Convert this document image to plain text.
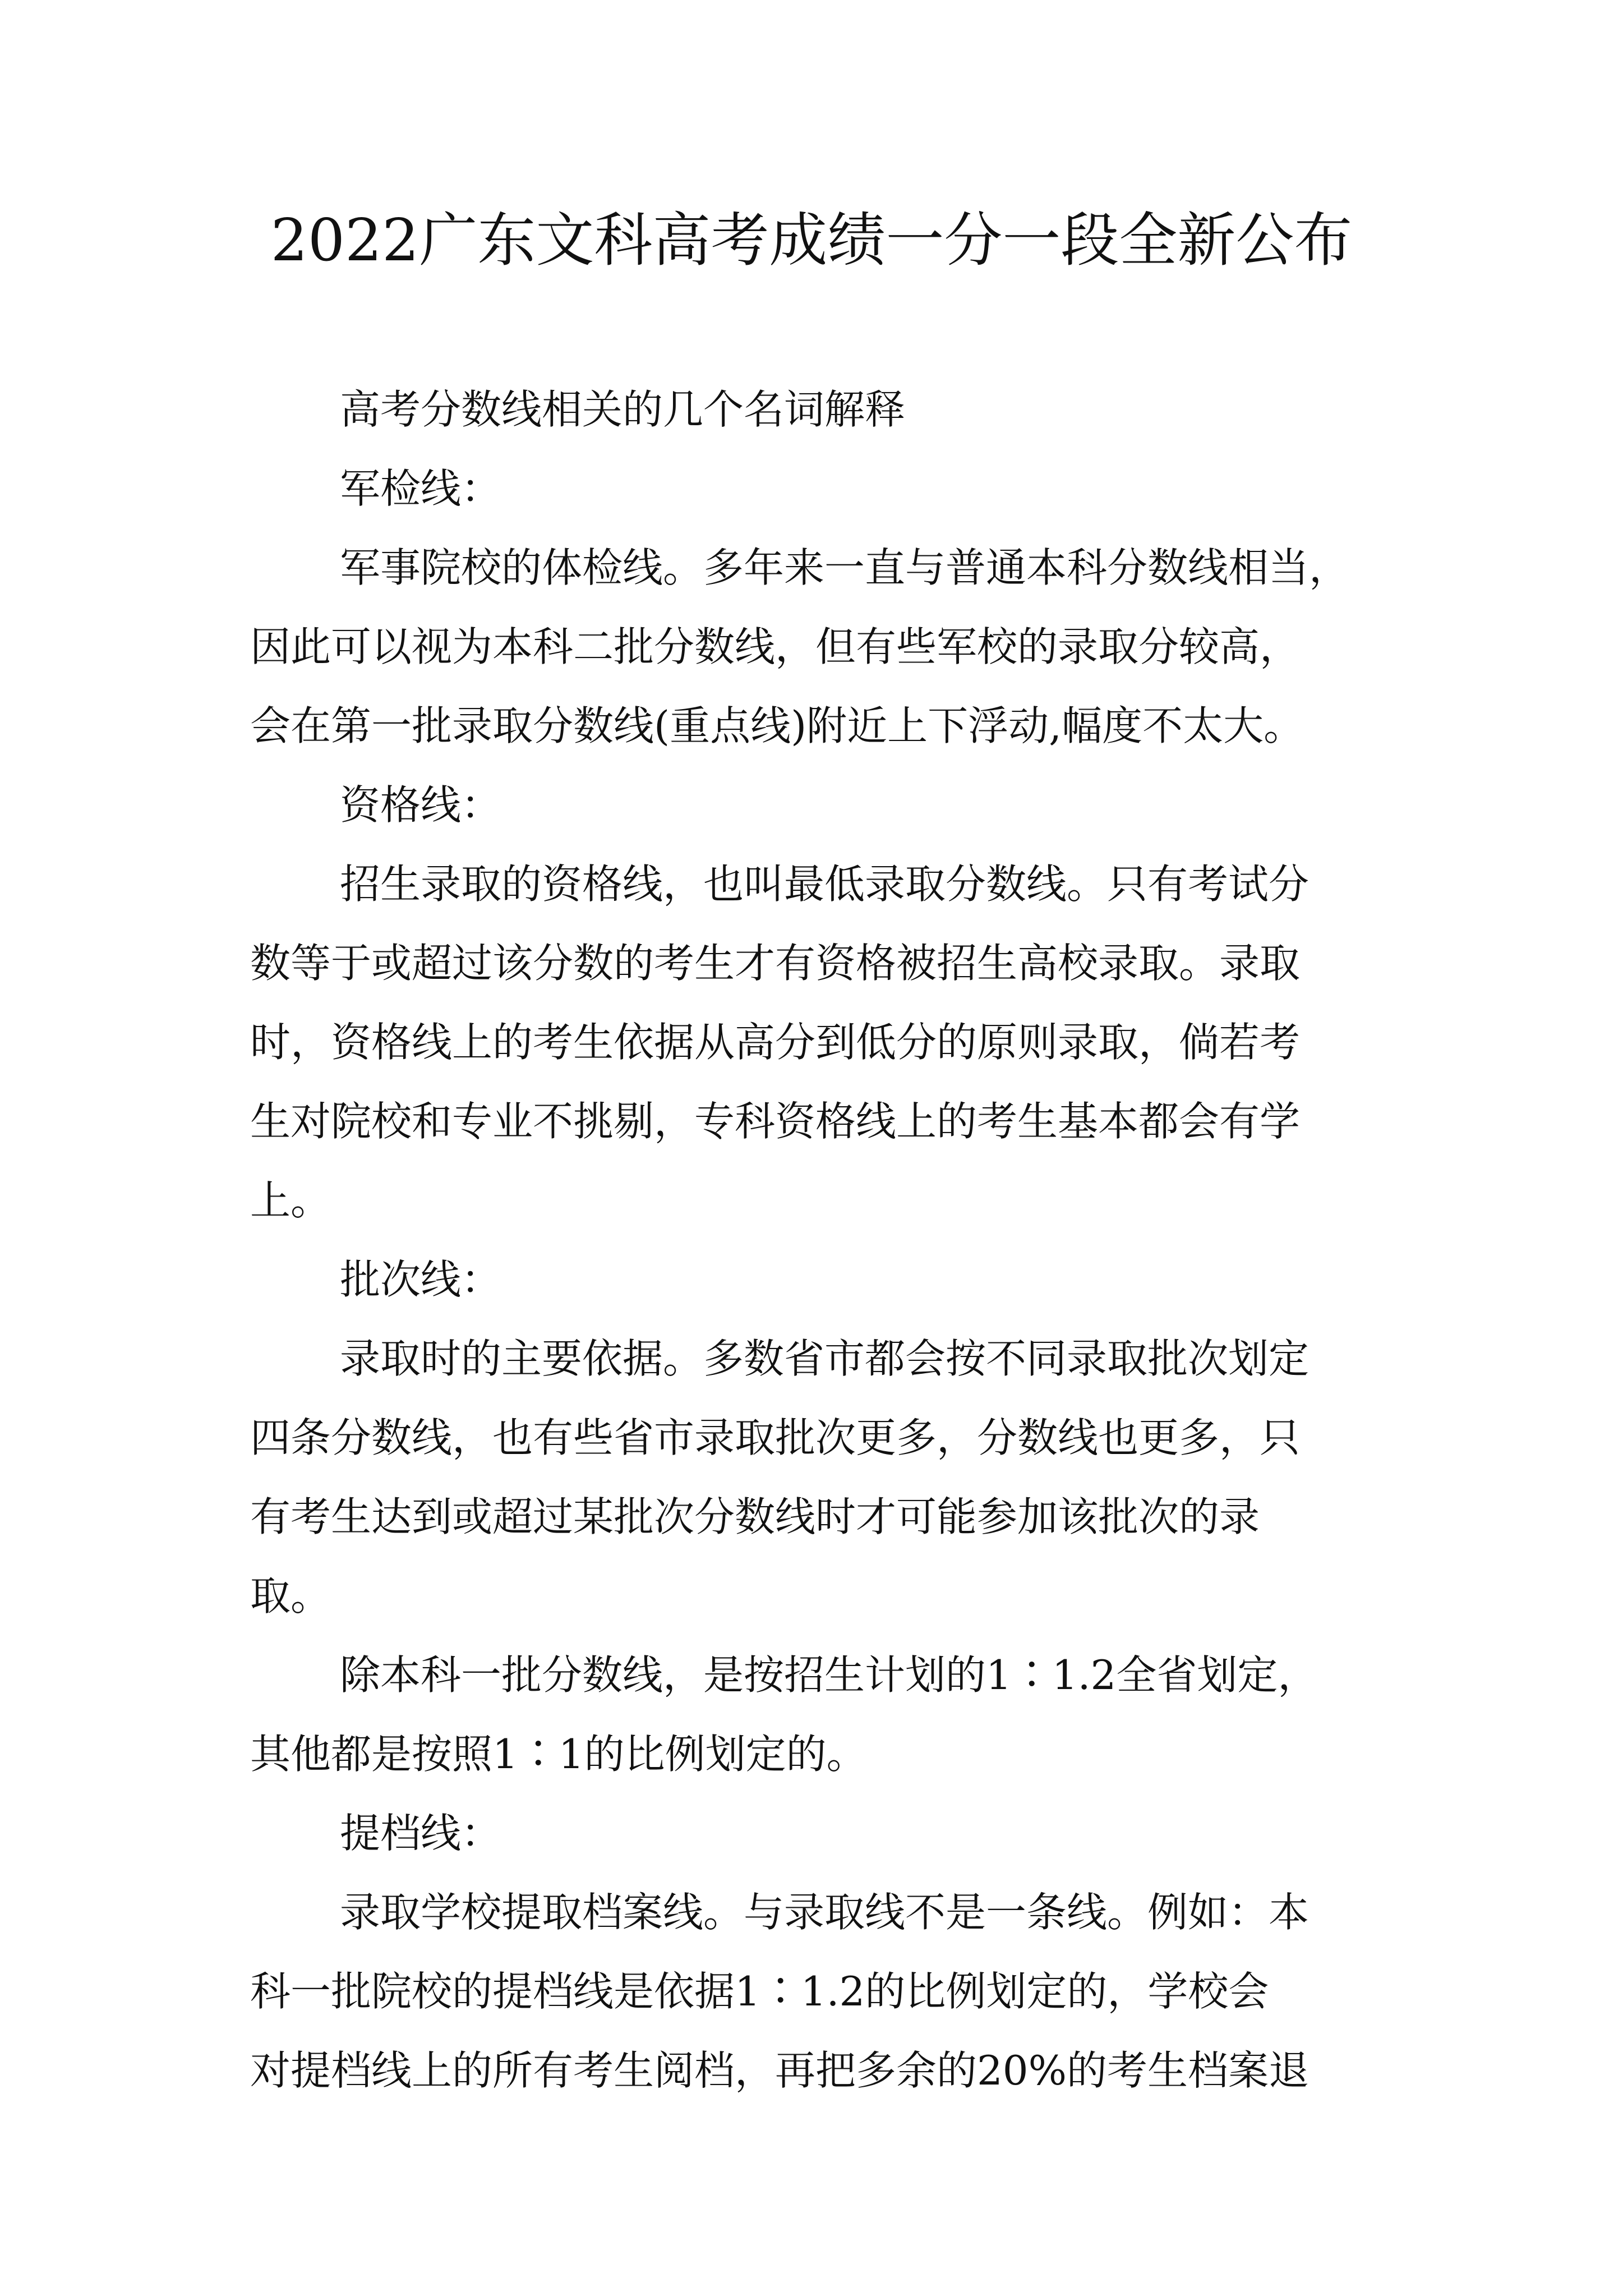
2022广东文科高考成绩一分一段全新公布
高考分数线相关的几个名词解释
军检线：
军事院校的体检线。多年来一直与普通本科分数线相当，
因此可以视为本科二批分数线，但有些军校的录取分较高，
会在第一批录取分数线(重点线)附近上下浮动,幅度不太大。
资格线：
招生录取的资格线，也叫最低录取分数线。只有考试分
数等于或超过该分数的考生才有资格被招生高校录取。录取
时，资格线上的考生依据从高分到低分的原则录取，倘若考
生对院校和专业不挑剔，专科资格线上的考生基本都会有学
上。
批次线：
录取时的主要依据。多数省市都会按不同录取批次划定
四条分数线，也有些省市录取批次更多，分数线也更多，只
有考生达到或超过某批次分数线时才可能参加该批次的录
取。
除本科一批分数线，是按招生计划的1∶1.2全省划定，
其他都是按照1∶1的比例划定的。
提档线：
录取学校提取档案线。与录取线不是一条线。例如：本
科一批院校的提档线是依据1∶1.2的比例划定的，学校会
对提档线上的所有考生阅档，再把多余的20%的考生档案退
